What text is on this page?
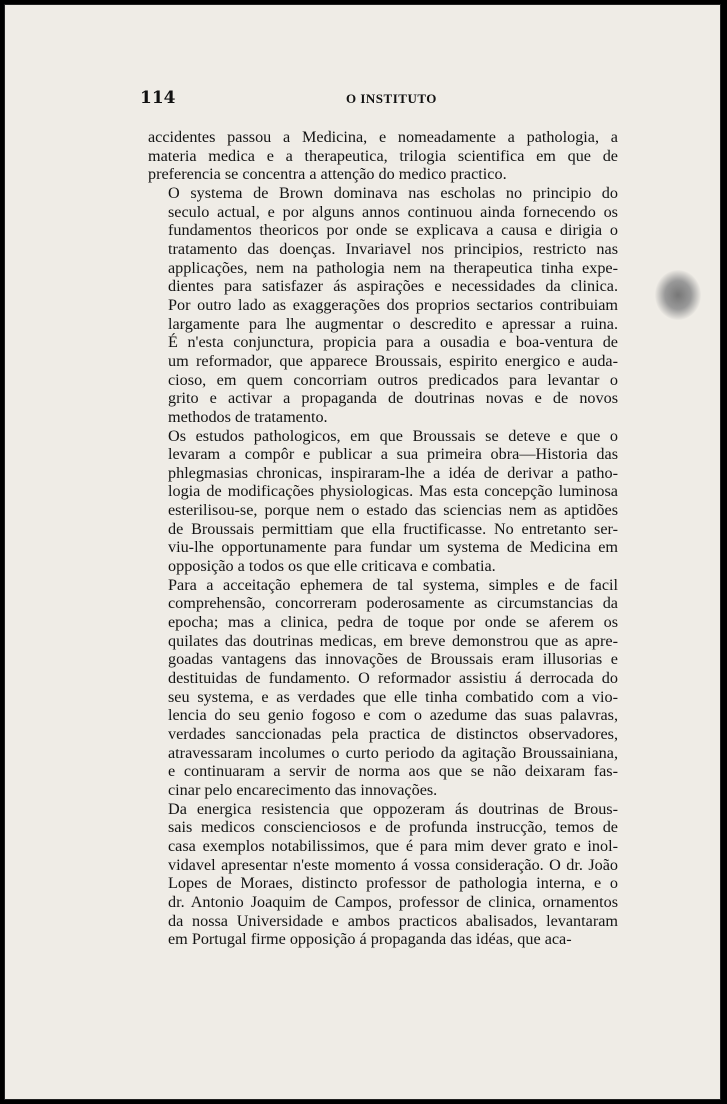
114	O INSTITUTO

accidentes passou a Medicina, e nomeadamente a pathologia, a
materia medica e a therapeutica, trilogia scientifica em que de
preferencia se concentra a attenção do medico practico.

O systema de Brown dominava nas escholas no principio do
seculo actual, e por alguns annos continuou ainda fornecendo os
fundamentos theoricos por onde se explicava a causa e dirigia o
tratamento das doenças. Invariavel nos principios, restricto nas
applicações, nem na pathologia nem na therapeutica tinha expe-
dientes para satisfazer ás aspirações e necessidades da clinica.
Por outro lado as exaggerações dos proprios sectarios contribuiam
largamente para lhe augmentar o descredito e apressar a ruina.
É n'esta conjunctura, propicia para a ousadia e boa-ventura de
um reformador, que apparece Broussais, espirito energico e auda-
cioso, em quem concorriam outros predicados para levantar o
grito e activar a propaganda de doutrinas novas e de novos
methodos de tratamento.

Os estudos pathologicos, em que Broussais se deteve e que o
levaram a compôr e publicar a sua primeira obra—Historia das
phlegmasias chronicas, inspiraram-lhe a idéa de derivar a patho-
logia de modificações physiologicas. Mas esta concepção luminosa
esterilisou-se, porque nem o estado das sciencias nem as aptidões
de Broussais permittiam que ella fructificasse. No entretanto ser-
viu-lhe opportunamente para fundar um systema de Medicina em
opposição a todos os que elle criticava e combatia.

Para a acceitação ephemera de tal systema, simples e de facil
comprehensão, concorreram poderosamente as circumstancias da
epocha; mas a clinica, pedra de toque por onde se aferem os
quilates das doutrinas medicas, em breve demonstrou que as apre-
goadas vantagens das innovações de Broussais eram illusorias e
destituidas de fundamento. O reformador assistiu á derrocada do
seu systema, e as verdades que elle tinha combatido com a vio-
lencia do seu genio fogoso e com o azedume das suas palavras,
verdades sanccionadas pela practica de distinctos observadores,
atravessaram incolumes o curto periodo da agitação Broussainiana,
e continuaram a servir de norma aos que se não deixaram fas-
cinar pelo encarecimento das innovações.

Da energica resistencia que oppozeram ás doutrinas de Brous-
sais medicos conscienciosos e de profunda instrucção, temos de
casa exemplos notabilissimos, que é para mim dever grato e inol-
vidavel apresentar n'este momento á vossa consideração. O dr. João
Lopes de Moraes, distincto professor de pathologia interna, e o
dr. Antonio Joaquim de Campos, professor de clinica, ornamentos
da nossa Universidade e ambos practicos abalisados, levantaram
em Portugal firme opposição á propaganda das idéas, que aca-
